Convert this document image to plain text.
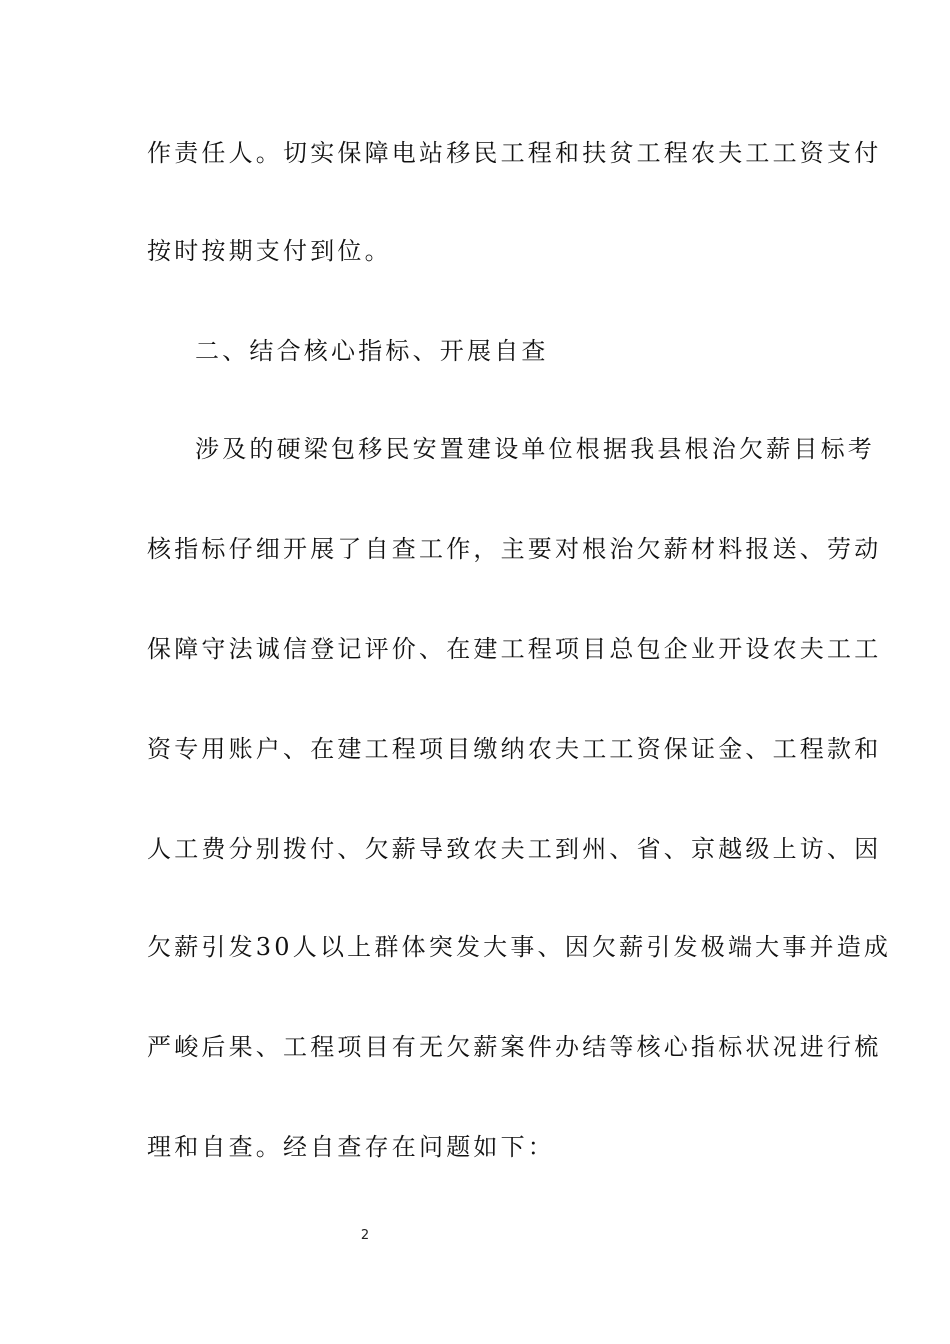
作责任人。切实保障电站移民工程和扶贫工程农夫工工资支付
按时按期支付到位。
二、结合核心指标、开展自查
涉及的硬梁包移民安置建设单位根据我县根治欠薪目标考
核指标仔细开展了自查工作，主要对根治欠薪材料报送、劳动
保障守法诚信登记评价、在建工程项目总包企业开设农夫工工
资专用账户、在建工程项目缴纳农夫工工资保证金、工程款和
人工费分别拨付、欠薪导致农夫工到州、省、京越级上访、因
欠薪引发30人以上群体突发大事、因欠薪引发极端大事并造成
严峻后果、工程项目有无欠薪案件办结等核心指标状况进行梳
理和自查。经自查存在问题如下：
2
